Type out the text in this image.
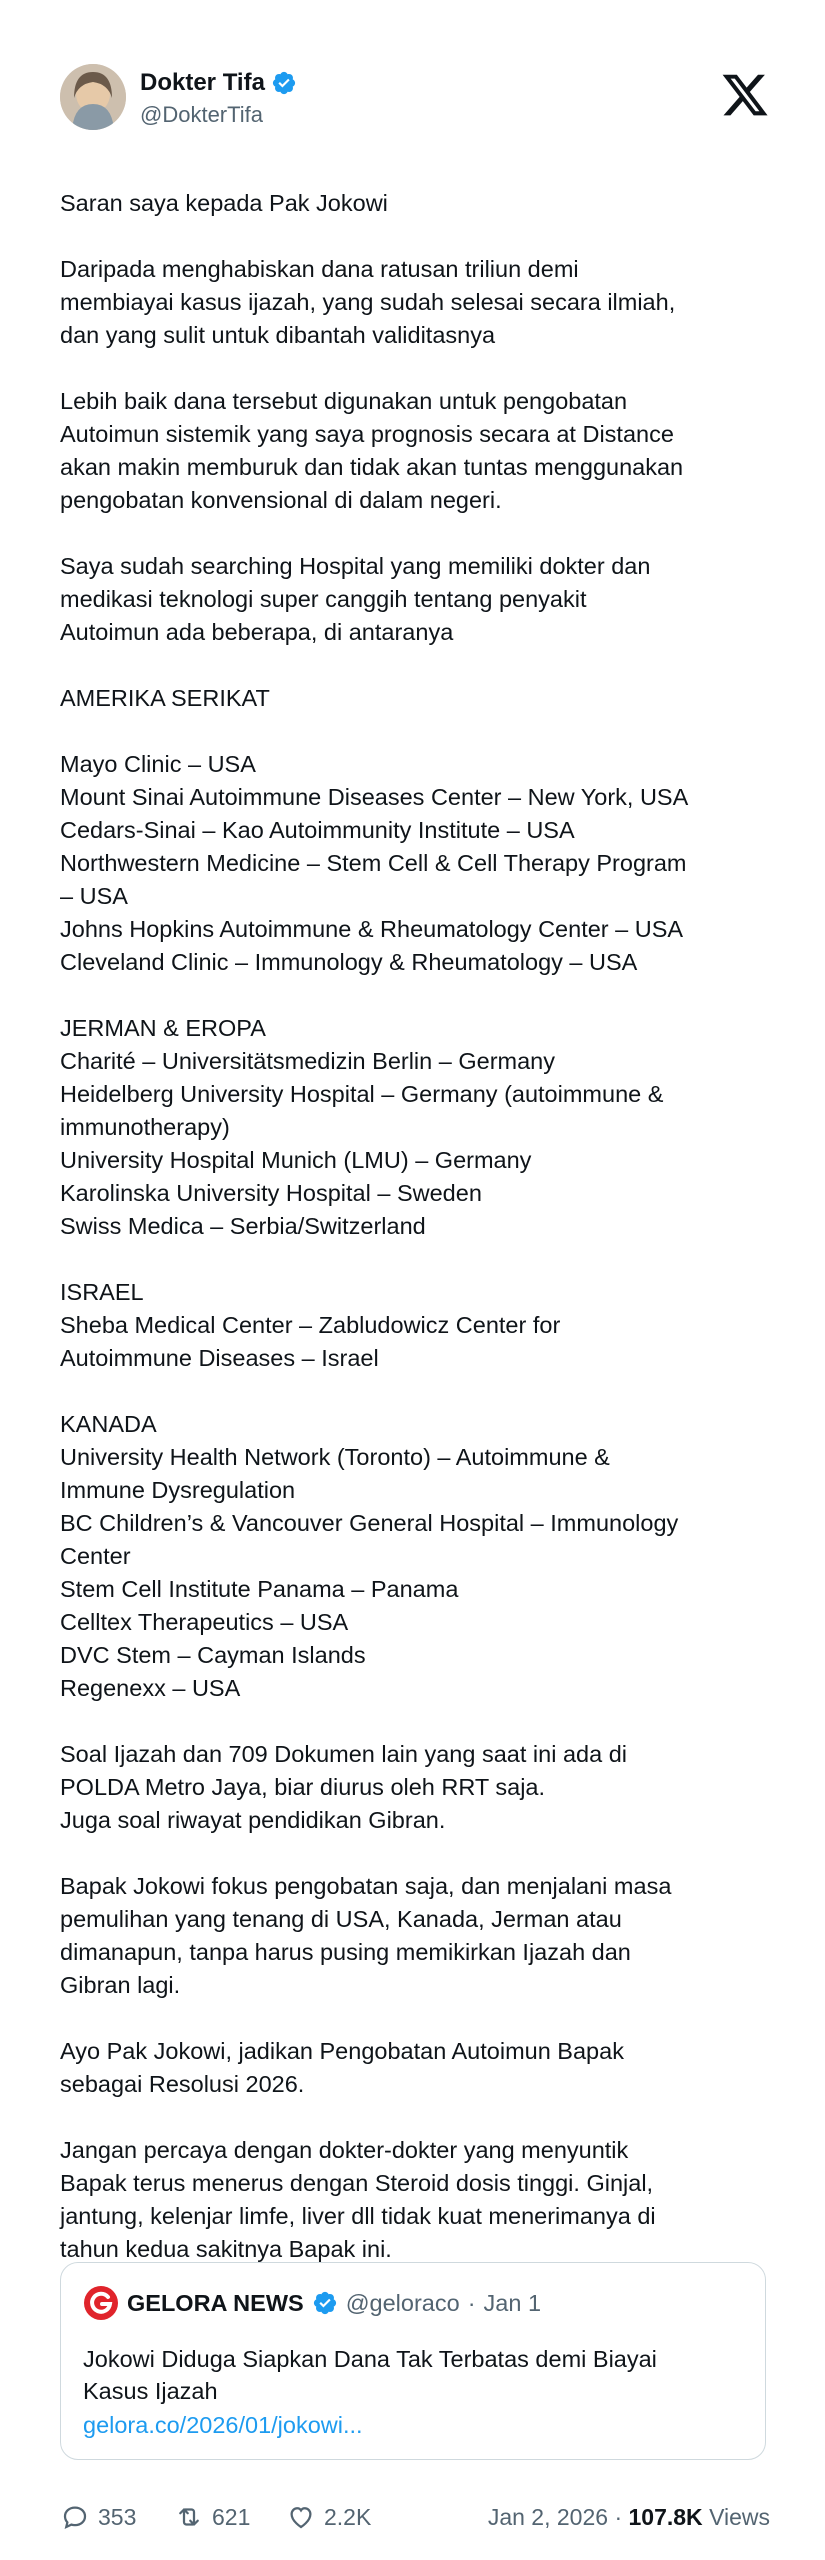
Dokter Tifa
@DokterTifa

Saran saya kepada Pak Jokowi

Daripada menghabiskan dana ratusan triliun demi
membiayai kasus ijazah, yang sudah selesai secara ilmiah,
dan yang sulit untuk dibantah validitasnya

Lebih baik dana tersebut digunakan untuk pengobatan
Autoimun sistemik yang saya prognosis secara at Distance
akan makin memburuk dan tidak akan tuntas menggunakan
pengobatan konvensional di dalam negeri.

Saya sudah searching Hospital yang memiliki dokter dan
medikasi teknologi super canggih tentang penyakit
Autoimun ada beberapa, di antaranya

AMERIKA SERIKAT

Mayo Clinic – USA
Mount Sinai Autoimmune Diseases Center – New York, USA
Cedars-Sinai – Kao Autoimmunity Institute – USA
Northwestern Medicine – Stem Cell & Cell Therapy Program
– USA
Johns Hopkins Autoimmune & Rheumatology Center – USA
Cleveland Clinic – Immunology & Rheumatology – USA

JERMAN & EROPA
Charité – Universitätsmedizin Berlin – Germany
Heidelberg University Hospital – Germany (autoimmune &
immunotherapy)
University Hospital Munich (LMU) – Germany
Karolinska University Hospital – Sweden
Swiss Medica – Serbia/Switzerland

ISRAEL
Sheba Medical Center – Zabludowicz Center for
Autoimmune Diseases – Israel

KANADA
University Health Network (Toronto) – Autoimmune &
Immune Dysregulation
BC Children’s & Vancouver General Hospital – Immunology
Center
Stem Cell Institute Panama – Panama
Celltex Therapeutics – USA
DVC Stem – Cayman Islands
Regenexx – USA

Soal Ijazah dan 709 Dokumen lain yang saat ini ada di
POLDA Metro Jaya, biar diurus oleh RRT saja.
Juga soal riwayat pendidikan Gibran.

Bapak Jokowi fokus pengobatan saja, dan menjalani masa
pemulihan yang tenang di USA, Kanada, Jerman atau
dimanapun, tanpa harus pusing memikirkan Ijazah dan
Gibran lagi.

Ayo Pak Jokowi, jadikan Pengobatan Autoimun Bapak
sebagai Resolusi 2026.

Jangan percaya dengan dokter-dokter yang menyuntik
Bapak terus menerus dengan Steroid dosis tinggi. Ginjal,
jantung, kelenjar limfe, liver dll tidak kuat menerimanya di
tahun kedua sakitnya Bapak ini.

GELORA NEWS @geloraco · Jan 1
Jokowi Diduga Siapkan Dana Tak Terbatas demi Biayai
Kasus Ijazah
gelora.co/2026/01/jokowi...
353	621	2.2K	Jan 2, 2026 · 107.8K Views
